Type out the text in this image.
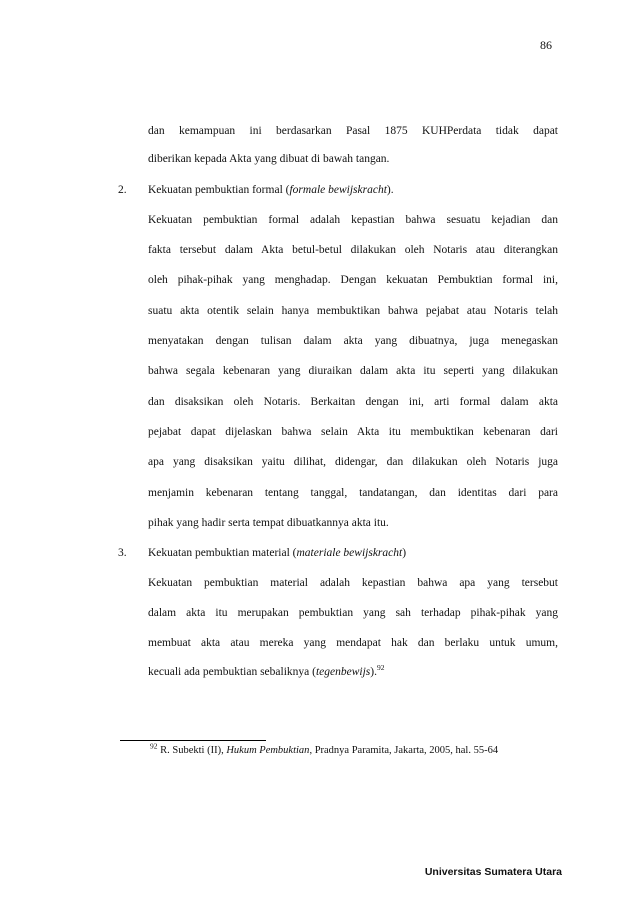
86
dan kemampuan ini berdasarkan Pasal 1875 KUHPerdata tidak dapat
diberikan kepada Akta yang dibuat di bawah tangan.
2. Kekuatan pembuktian formal (formale bewijskracht).
Kekuatan pembuktian formal adalah kepastian bahwa sesuatu kejadian dan
fakta tersebut dalam Akta betul-betul dilakukan oleh Notaris atau diterangkan
oleh pihak-pihak yang menghadap. Dengan kekuatan Pembuktian formal ini,
suatu akta otentik selain hanya membuktikan bahwa pejabat atau Notaris telah
menyatakan dengan tulisan dalam akta yang dibuatnya, juga menegaskan
bahwa segala kebenaran yang diuraikan dalam akta itu seperti yang dilakukan
dan disaksikan oleh Notaris. Berkaitan dengan ini, arti formal dalam akta
pejabat dapat dijelaskan bahwa selain Akta itu membuktikan kebenaran dari
apa yang disaksikan yaitu dilihat, didengar, dan dilakukan oleh Notaris juga
menjamin kebenaran tentang tanggal, tandatangan, dan identitas dari para
pihak yang hadir serta tempat dibuatkannya akta itu.
3. Kekuatan pembuktian material (materiale bewijskracht)
Kekuatan pembuktian material adalah kepastian bahwa apa yang tersebut
dalam akta itu merupakan pembuktian yang sah terhadap pihak-pihak yang
membuat akta atau mereka yang mendapat hak dan berlaku untuk umum,
kecuali ada pembuktian sebaliknya (tegenbewijs).$^{92}$
$^{92}$ R. Subekti (II), Hukum Pembuktian, Pradnya Paramita, Jakarta, 2005, hal. 55-64
Universitas Sumatera Utara
